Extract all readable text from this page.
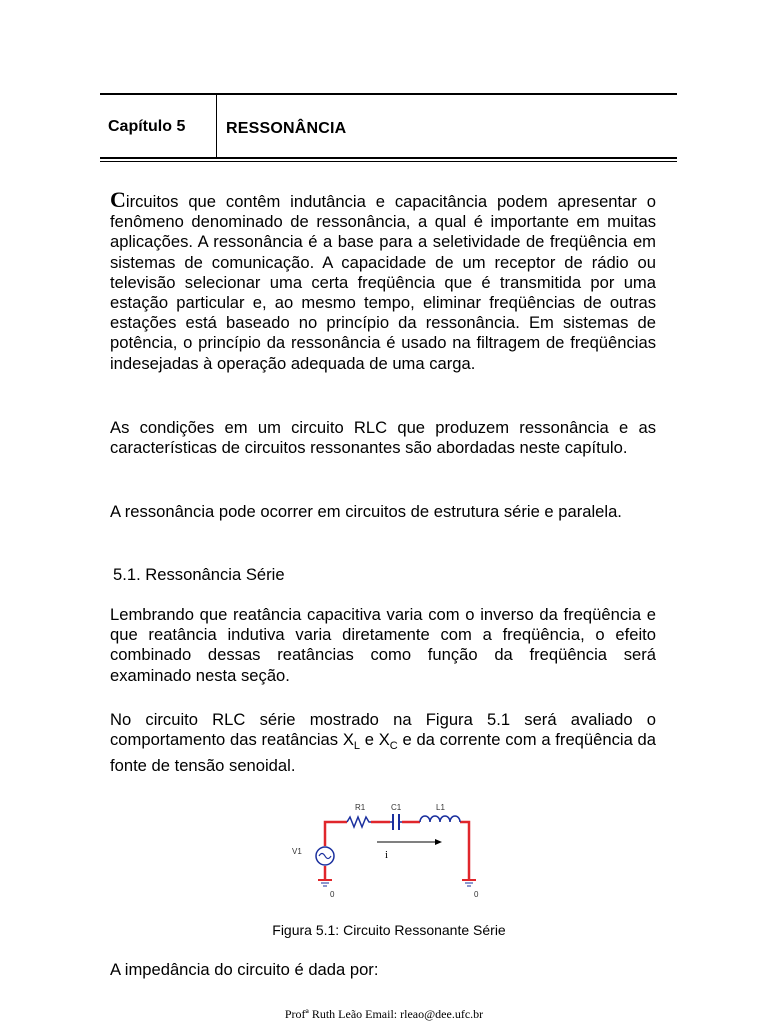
Capítulo 5	RESSONÂNCIA
Circuitos que contêm indutância e capacitância podem apresentar o fenômeno denominado de ressonância, a qual é importante em muitas aplicações. A ressonância é a base para a seletividade de freqüência em sistemas de comunicação. A capacidade de um receptor de rádio ou televisão selecionar uma certa freqüência que é transmitida por uma estação particular e, ao mesmo tempo, eliminar freqüências de outras estações está baseado no princípio da ressonância. Em sistemas de potência, o princípio da ressonância é usado na filtragem de freqüências indesejadas à operação adequada de uma carga.
As condições em um circuito RLC que produzem ressonância e as características de circuitos ressonantes são abordadas neste capítulo.
A ressonância pode ocorrer em circuitos de estrutura série e paralela.
5.1. Ressonância Série
Lembrando que reatância capacitiva varia com o inverso da freqüência e que reatância indutiva varia diretamente com a freqüência, o efeito combinado dessas reatâncias como função da freqüência será examinado nesta seção.
No circuito RLC série mostrado na Figura 5.1 será avaliado o comportamento das reatâncias $X_L$ e $X_C$ e da corrente com a freqüência da fonte de tensão senoidal.
R1	C1	L1
V1	i
0	0
Figura 5.1: Circuito Ressonante Série
A impedância do circuito é dada por:
Profª Ruth Leão Email: rleao@dee.ufc.br
